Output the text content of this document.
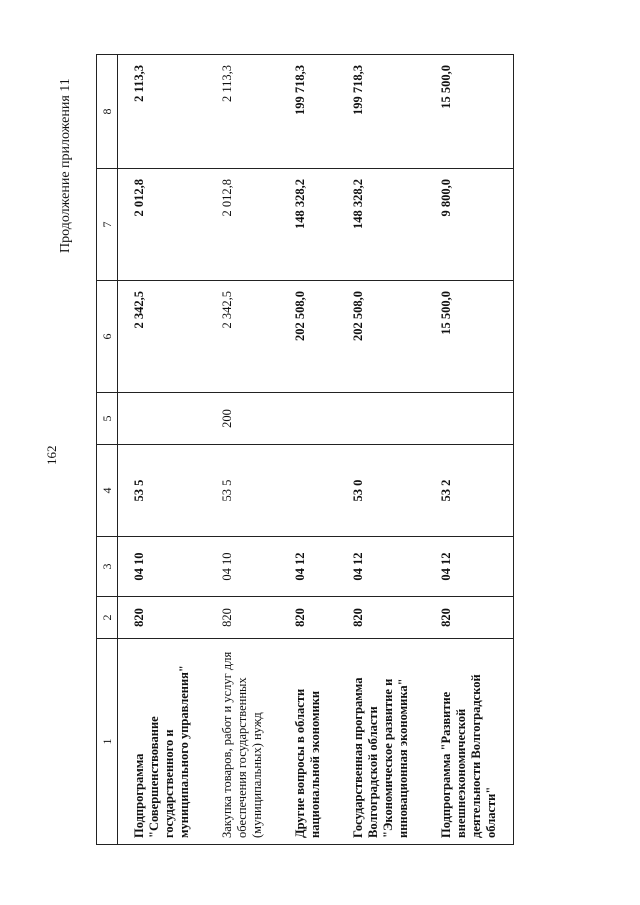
162
Продолжение приложения 11
1	2	3	4	5	6	7	8
Подпрограмма "Совершенствование государственного и муниципального управления"	820	04 10	53 5		2 342,5	2 012,8	2 113,3
Закупка товаров, работ и услуг для обеспечения государственных (муниципальных) нужд	820	04 10	53 5	200	2 342,5	2 012,8	2 113,3
Другие вопросы в области национальной экономики	820	04 12			202 508,0	148 328,2	199 718,3
Государственная программа Волгоградской области "Экономическое развитие и инновационная экономика"	820	04 12	53 0		202 508,0	148 328,2	199 718,3
Подпрограмма "Развитие внешнеэкономической деятельности Волгоградской области"	820	04 12	53 2		15 500,0	9 800,0	15 500,0
